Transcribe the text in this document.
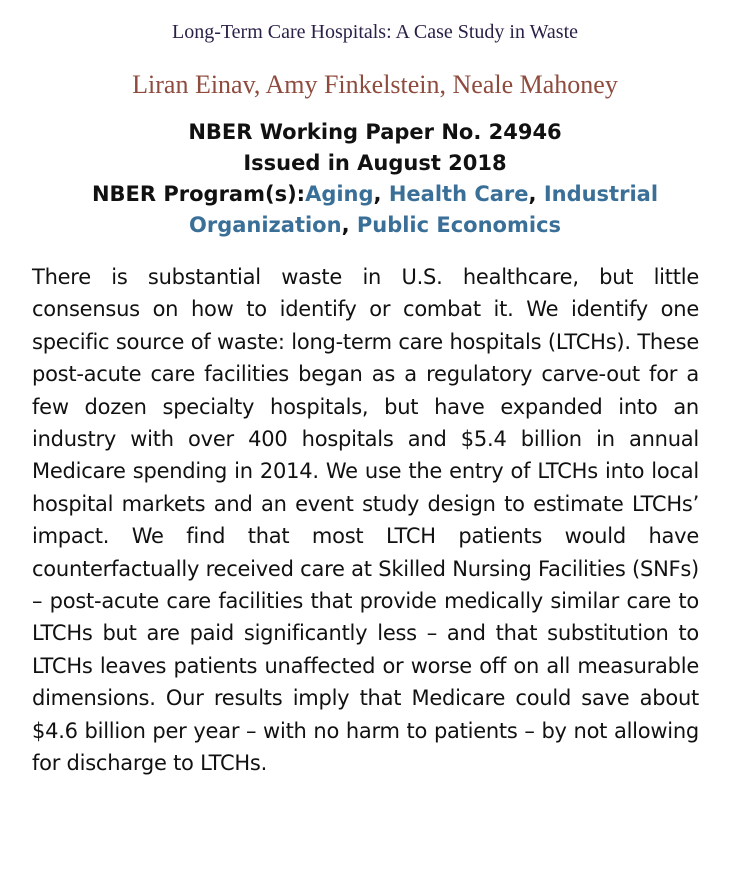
Long-Term Care Hospitals: A Case Study in Waste
Liran Einav, Amy Finkelstein, Neale Mahoney
NBER Working Paper No. 24946
Issued in August 2018
NBER Program(s):Aging, Health Care, Industrial
Organization, Public Economics

There is substantial waste in U.S. healthcare, but little consensus on how to identify or combat it. We identify one specific source of waste: long-term care hospitals (LTCHs). These post-acute care facilities began as a regulatory carve-out for a few dozen specialty hospitals, but have expanded into an industry with over 400 hospitals and $5.4 billion in annual Medicare spending in 2014. We use the entry of LTCHs into local hospital markets and an event study design to estimate LTCHs’ impact. We find that most LTCH patients would have counterfactually received care at Skilled Nursing Facilities (SNFs) – post-acute care facilities that provide medically similar care to LTCHs but are paid significantly less – and that substitution to LTCHs leaves patients unaffected or worse off on all measurable dimensions. Our results imply that Medicare could save about $4.6 billion per year – with no harm to patients – by not allowing for discharge to LTCHs.
